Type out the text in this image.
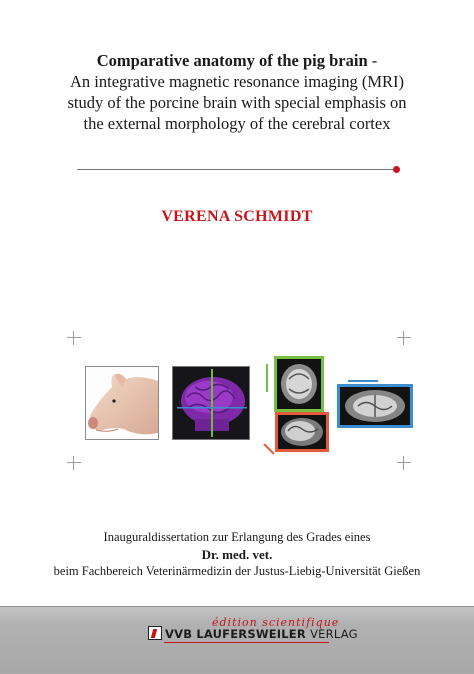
Comparative anatomy of the pig brain -
An integrative magnetic resonance imaging (MRI)
study of the porcine brain with special emphasis on
the external morphology of the cerebral cortex
VERENA SCHMIDT
Inauguraldissertation zur Erlangung des Grades eines
Dr. med. vet.
beim Fachbereich Veterinärmedizin der Justus-Liebig-Universität Gießen
édition scientifique
VVB LAUFERSWEILER VERLAG
